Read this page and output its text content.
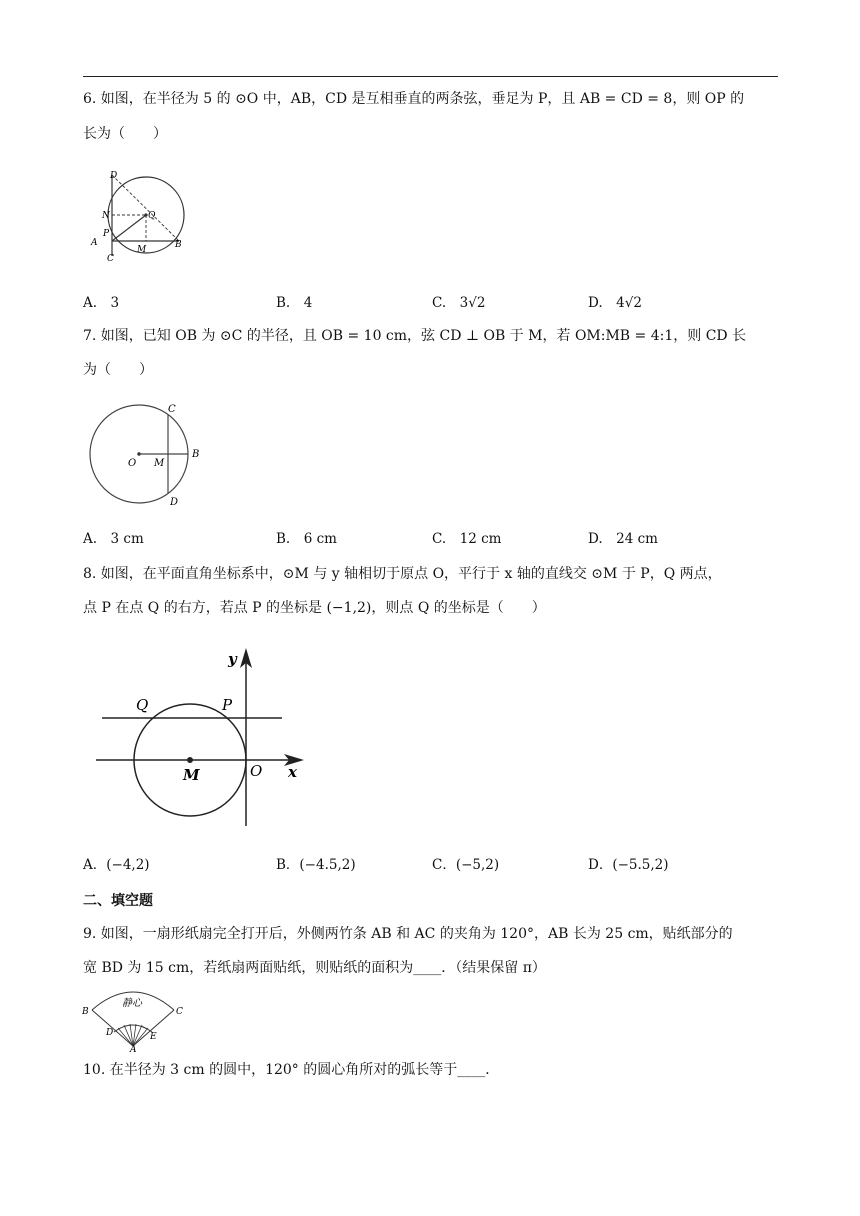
6. 如图，在半径为 5 的 ⊙O 中，AB，CD 是互相垂直的两条弦，垂足为 P，且 AB = CD = 8，则 OP 的
长为（　　）
D
N	Q
P
A
M	B
C
A.　3	B.　4	C.　3√2	D.　4√2
7. 如图，已知 OB 为 ⊙C 的半径，且 OB = 10 cm，弦 CD ⊥ OB 于 M，若 OM:MB = 4:1，则 CD 长
为（　　）
C
O M
B
D
A.　3 cm	B.　6 cm	C.　12 cm	D.　24 cm
8. 如图，在平面直角坐标系中，⊙M 与 y 轴相切于原点 O，平行于 x 轴的直线交 ⊙M 于 P，Q 两点，
点 P 在点 Q 的右方，若点 P 的坐标是 (−1,2)，则点 Q 的坐标是（　　）
y
Q	P
M	O x
A．(−4,2)	B．(−4.5,2)	C．(−5,2)	D．(−5.5,2)
二、填空题
9. 如图，一扇形纸扇完全打开后，外侧两竹条 AB 和 AC 的夹角为 120°，AB 长为 25 cm，贴纸部分的
宽 BD 为 15 cm，若纸扇两面贴纸，则贴纸的面积为____．（结果保留 π）
静心
B	C
D	E
A
10. 在半径为 3 cm 的圆中，120° 的圆心角所对的弧长等于____．
